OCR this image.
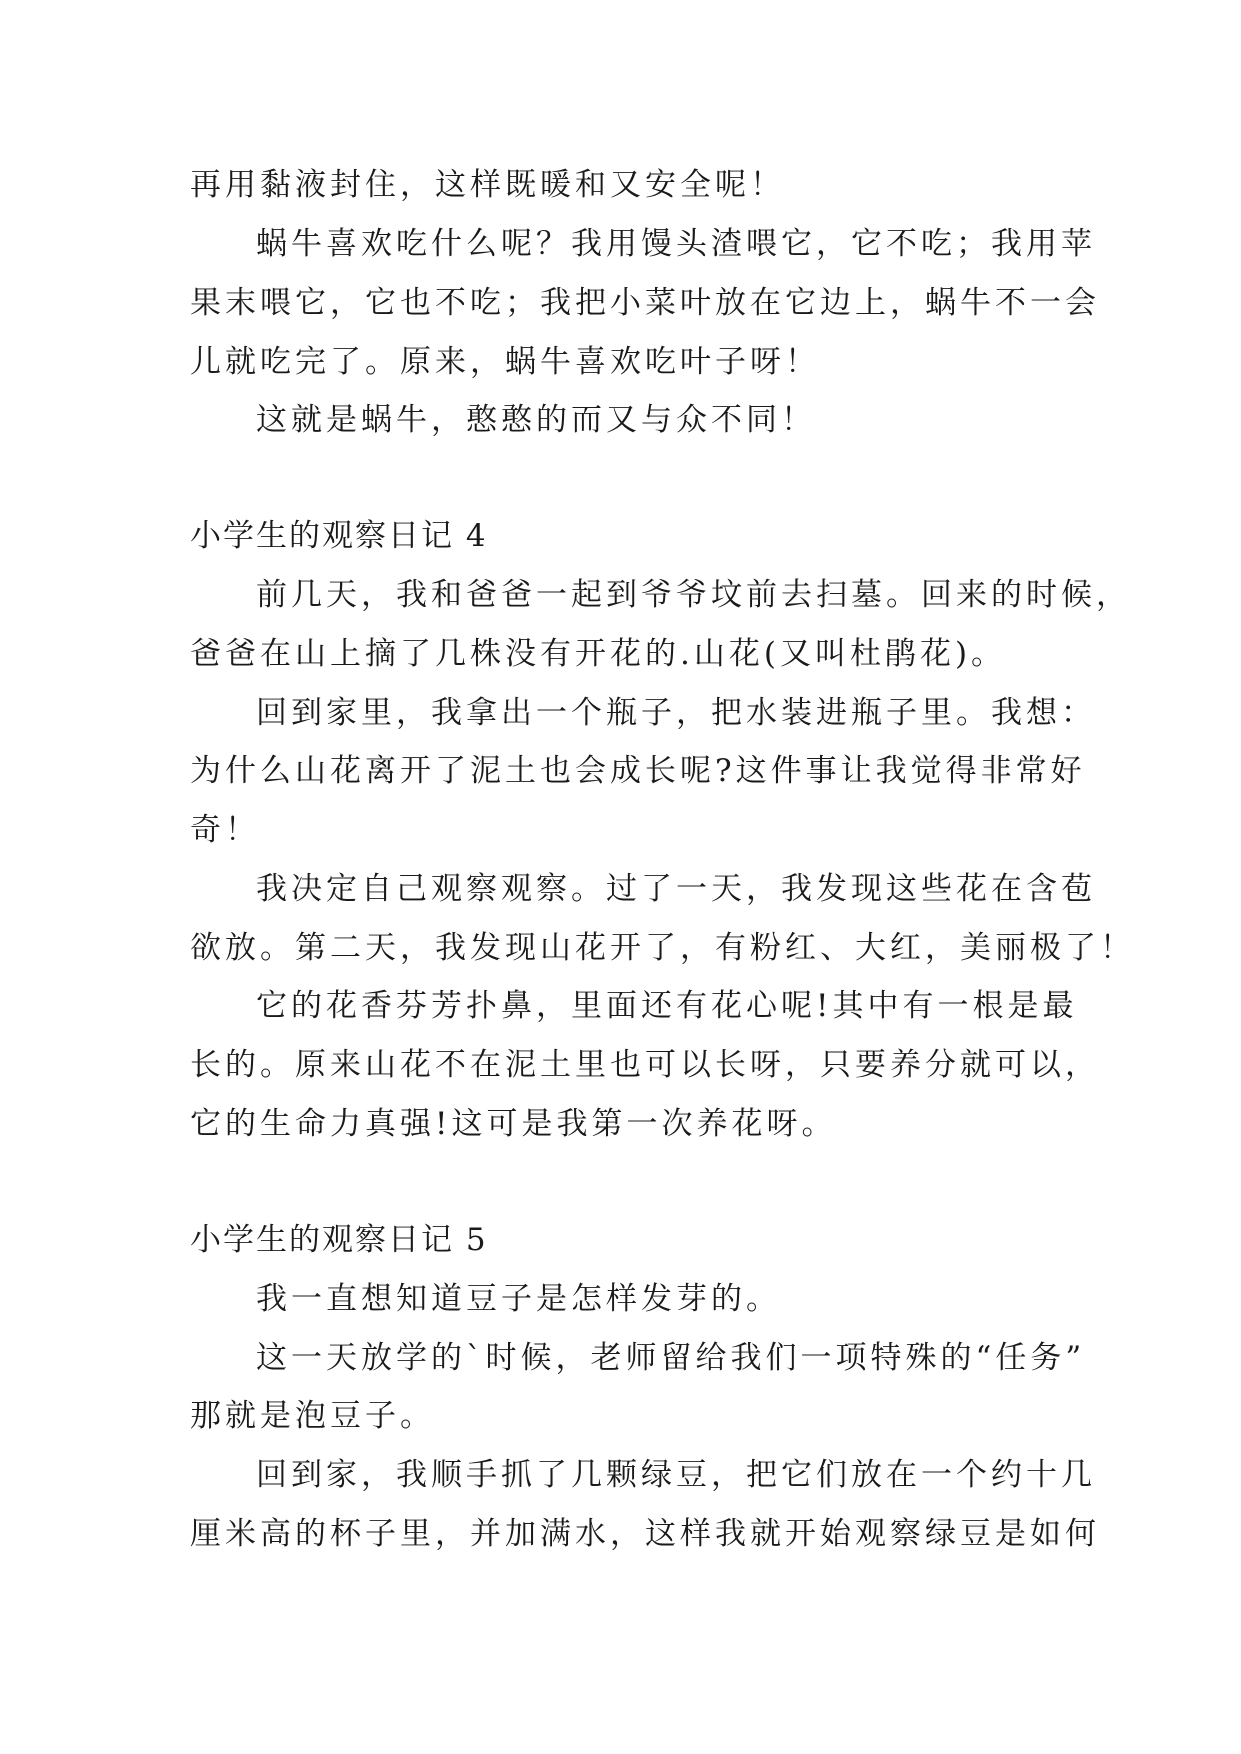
再用黏液封住，这样既暖和又安全呢！
蜗牛喜欢吃什么呢？我用馒头渣喂它，它不吃；我用苹
果末喂它，它也不吃；我把小菜叶放在它边上，蜗牛不一会
儿就吃完了。原来，蜗牛喜欢吃叶子呀！
这就是蜗牛，憨憨的而又与众不同！
小学生的观察日记 4
前几天，我和爸爸一起到爷爷坟前去扫墓。回来的时候，
爸爸在山上摘了几株没有开花的.山花(又叫杜鹃花)。
回到家里，我拿出一个瓶子，把水装进瓶子里。我想：
为什么山花离开了泥土也会成长呢?这件事让我觉得非常好
奇！
我决定自己观察观察。过了一天，我发现这些花在含苞
欲放。第二天，我发现山花开了，有粉红、大红，美丽极了！
它的花香芬芳扑鼻，里面还有花心呢!其中有一根是最
长的。原来山花不在泥土里也可以长呀，只要养分就可以，
它的生命力真强!这可是我第一次养花呀。
小学生的观察日记 5
我一直想知道豆子是怎样发芽的。
这一天放学的`时候，老师留给我们一项特殊的“任务”
那就是泡豆子。
回到家，我顺手抓了几颗绿豆，把它们放在一个约十几
厘米高的杯子里，并加满水，这样我就开始观察绿豆是如何
